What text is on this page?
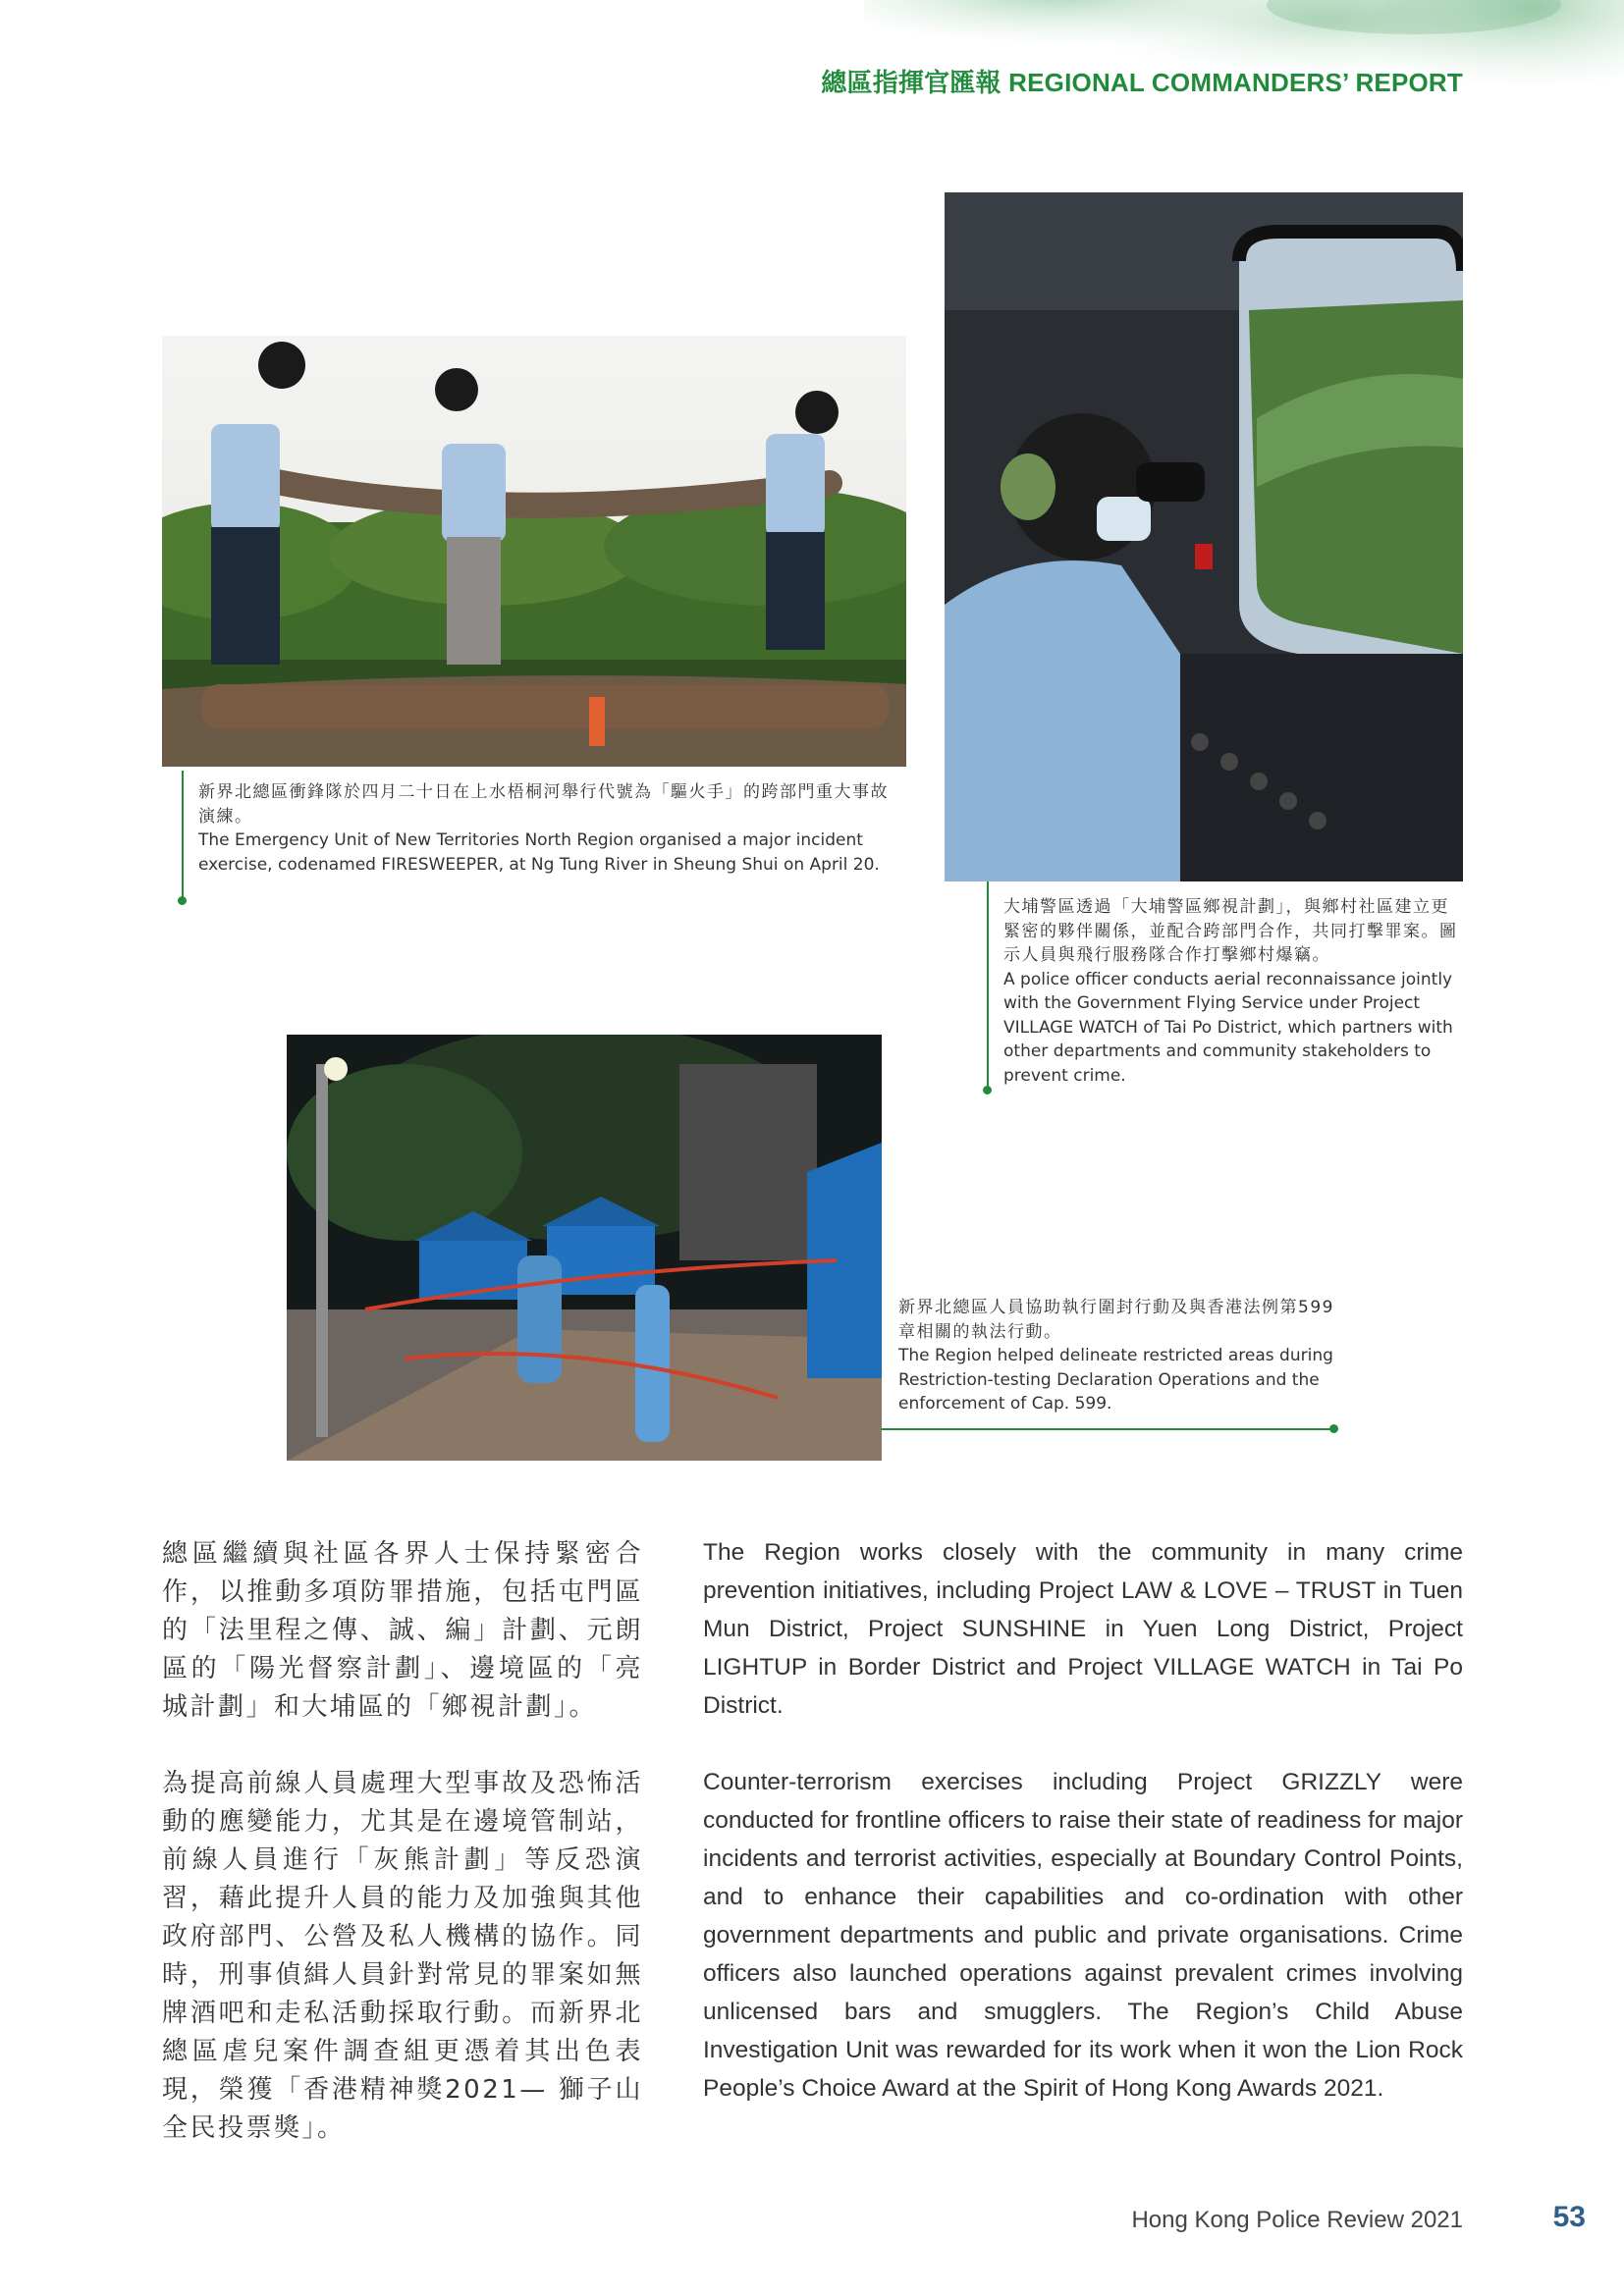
總區指揮官匯報 REGIONAL COMMANDERS’ REPORT
新界北總區衝鋒隊於四月二十日在上水梧桐河舉行代號為「驅火手」的跨部門重大事故演練。
The Emergency Unit of New Territories North Region organised a major incident exercise, codenamed FIRESWEEPER, at Ng Tung River in Sheung Shui on April 20.
大埔警區透過「大埔警區鄉視計劃」，與鄉村社區建立更緊密的夥伴關係，並配合跨部門合作，共同打擊罪案。圖示人員與飛行服務隊合作打擊鄉村爆竊。
A police officer conducts aerial reconnaissance jointly with the Government Flying Service under Project VILLAGE WATCH of Tai Po District, which partners with other departments and community stakeholders to prevent crime.
新界北總區人員協助執行圍封行動及與香港法例第599章相關的執法行動。
The Region helped delineate restricted areas during Restriction-testing Declaration Operations and the enforcement of Cap. 599.

總區繼續與社區各界人士保持緊密合作，以推動多項防罪措施，包括屯門區的「法里程之傳、誠、編」計劃、元朗區的「陽光督察計劃」、邊境區的「亮城計劃」和大埔區的「鄉視計劃」。

為提高前線人員處理大型事故及恐怖活動的應變能力，尤其是在邊境管制站，前線人員進行「灰熊計劃」等反恐演習，藉此提升人員的能力及加強與其他政府部門、公營及私人機構的協作。同時，刑事偵緝人員針對常見的罪案如無牌酒吧和走私活動採取行動。而新界北總區虐兒案件調查組更憑着其出色表現，榮獲「香港精神獎2021— 獅子山全民投票獎」。

The Region works closely with the community in many crime prevention initiatives, including Project LAW & LOVE – TRUST in Tuen Mun District, Project SUNSHINE in Yuen Long District, Project LIGHTUP in Border District and Project VILLAGE WATCH in Tai Po District.

Counter-terrorism exercises including Project GRIZZLY were conducted for frontline officers to raise their state of readiness for major incidents and terrorist activities, especially at Boundary Control Points, and to enhance their capabilities and co-ordination with other government departments and public and private organisations. Crime officers also launched operations against prevalent crimes involving unlicensed bars and smugglers. The Region’s Child Abuse Investigation Unit was rewarded for its work when it won the Lion Rock People’s Choice Award at the Spirit of Hong Kong Awards 2021.

Hong Kong Police Review 2021	53
